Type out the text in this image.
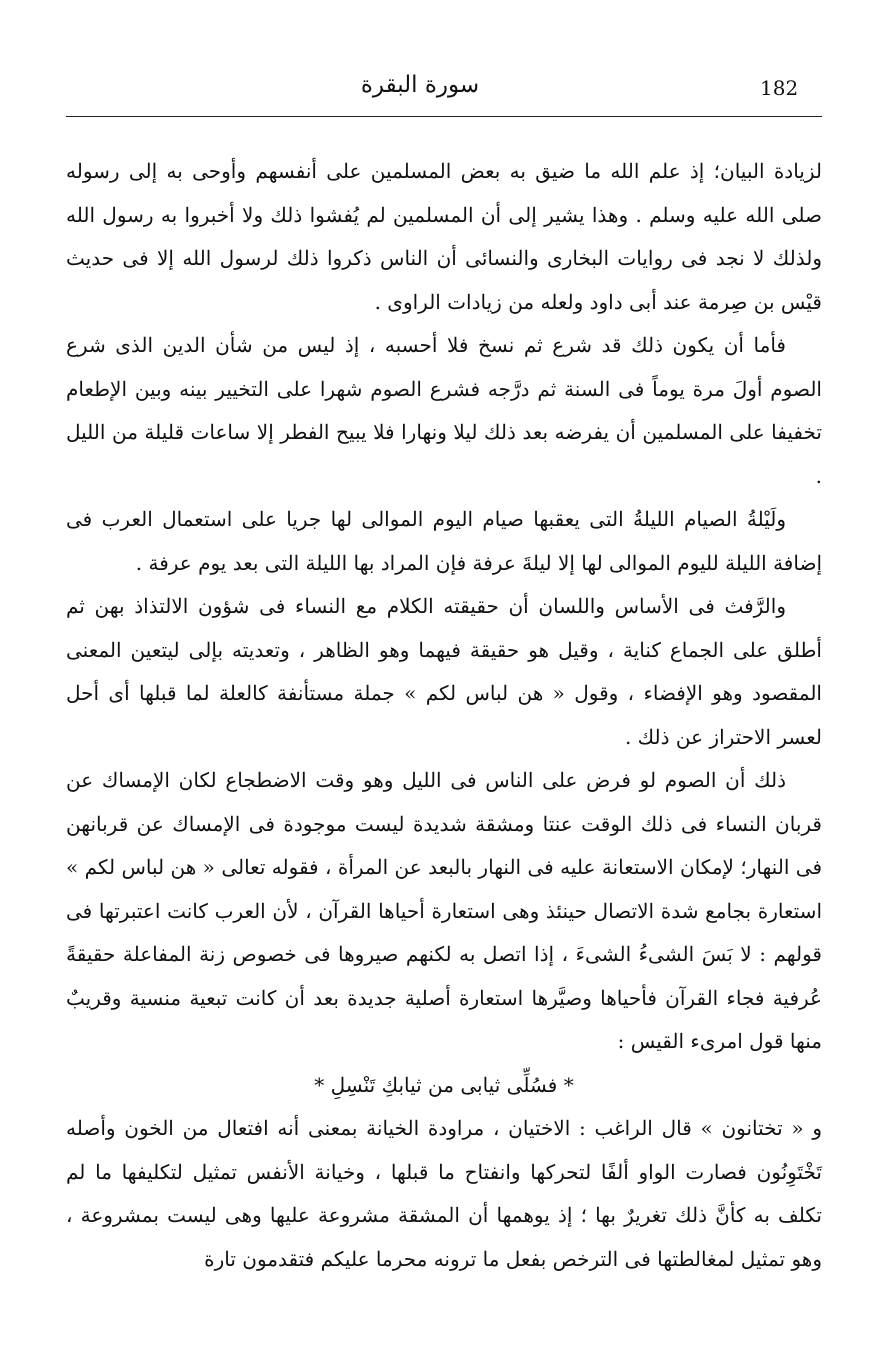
182
سورة البقرة

لزيادة البيان؛ إذ علم الله ما ضيق به بعض المسلمين على أنفسهم وأوحى به إلى رسوله صلى الله عليه وسلم . وهذا يشير إلى أن المسلمين لم يُفشوا ذلك ولا أخبروا به رسول الله ولذلك لا نجد فى روايات البخارى والنسائى أن الناس ذكروا ذلك لرسول الله إلا فى حديث قيْس بن صِرمة عند أبى داود ولعله من زيادات الراوى .

فأما أن يكون ذلك قد شرع ثم نسخ فلا أحسبه ، إذ ليس من شأن الدين الذى شرع الصوم أولَ مرة يوماً فى السنة ثم درَّجه فشرع الصوم شهرا على التخيير بينه وبين الإطعام تخفيفا على المسلمين أن يفرضه بعد ذلك ليلا ونهارا فلا يبيح الفطر إلا ساعات قليلة من الليل .

ولَيْلةُ الصيام الليلةُ التى يعقبها صيام اليوم الموالى لها جريا على استعمال العرب فى إضافة الليلة لليوم الموالى لها إلا ليلةَ عرفة فإن المراد بها الليلة التى بعد يوم عرفة .

والرَّفث فى الأساس واللسان أن حقيقته الكلام مع النساء فى شؤون الالتذاذ بهن ثم أطلق على الجماع كناية ، وقيل هو حقيقة فيهما وهو الظاهر ، وتعديته بإلى ليتعين المعنى المقصود وهو الإفضاء ، وقول « هن لباس لكم » جملة مستأنفة كالعلة لما قبلها أى أحل لعسر الاحتراز عن ذلك .

ذلك أن الصوم لو فرض على الناس فى الليل وهو وقت الاضطجاع لكان الإمساك عن قربان النساء فى ذلك الوقت عنتا ومشقة شديدة ليست موجودة فى الإمساك عن قربانهن فى النهار؛ لإمكان الاستعانة عليه فى النهار بالبعد عن المرأة ، فقوله تعالى « هن لباس لكم » استعارة بجامع شدة الاتصال حينئذ وهى استعارة أحياها القرآن ، لأن العرب كانت اعتبرتها فى قولهم : لا بَسَ الشىءُ الشىءَ ، إذا اتصل به لكنهم صيروها فى خصوص زنة المفاعلة حقيقةً عُرفية فجاء القرآن فأحياها وصيَّرها استعارة أصلية جديدة بعد أن كانت تبعية منسية وقريبٌ منها قول امرىء القيس :

* فسُلِّى ثيابى من ثيابكِ تَنْسِلِ *

و « تختانون » قال الراغب : الاختيان ، مراودة الخيانة بمعنى أنه افتعال من الخون وأصله تَخْتَوِنُون فصارت الواو ألفًا لتحركها وانفتاح ما قبلها ، وخيانة الأنفس تمثيل لتكليفها ما لم تكلف به كأنَّ ذلك تغريرٌ بها ؛ إذ يوهمها أن المشقة مشروعة عليها وهى ليست بمشروعة ، وهو تمثيل لمغالطتها فى الترخص بفعل ما ترونه محرما عليكم فتقدمون تارة
